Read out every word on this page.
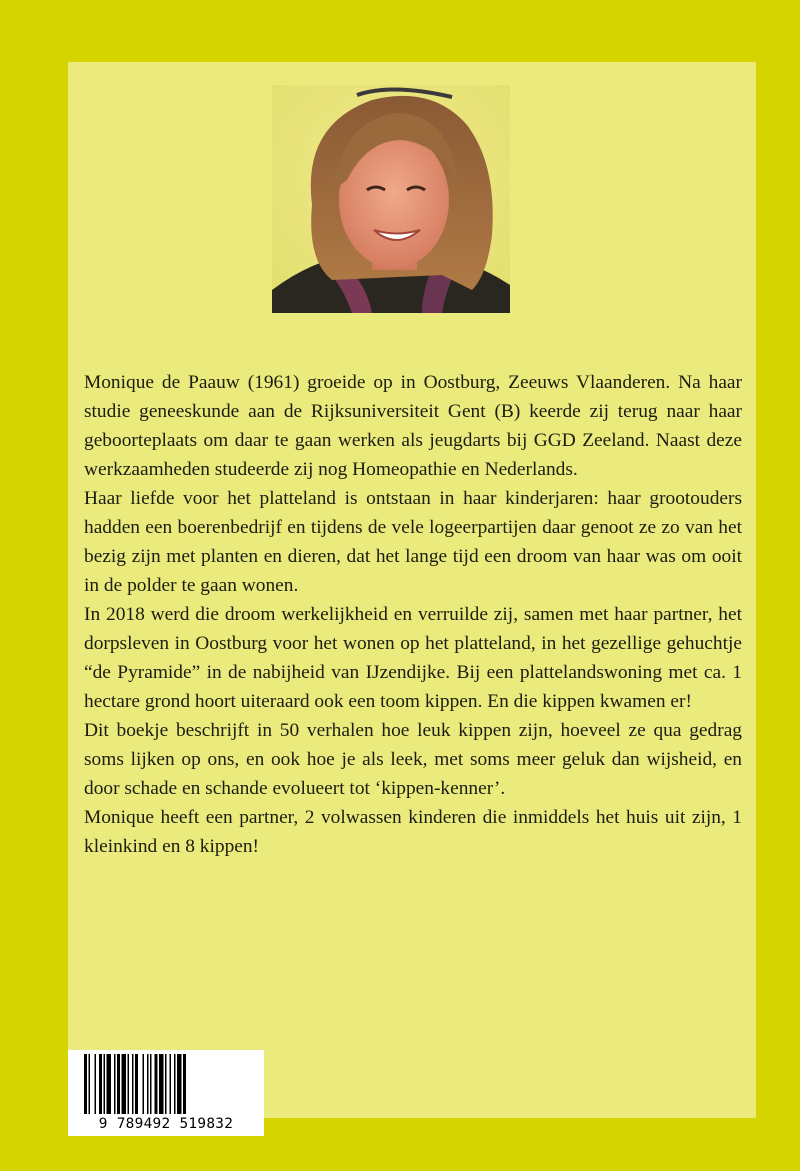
Monique de Paauw (1961) groeide op in Oostburg, Zeeuws Vlaanderen. Na haar studie geneeskunde aan de Rijksuniversiteit Gent (B) keerde zij terug naar haar geboorteplaats om daar te gaan werken als jeugdarts bij GGD Zeeland. Naast deze werkzaamheden studeerde zij nog Homeopathie en Nederlands.

Haar liefde voor het platteland is ontstaan in haar kinderjaren: haar grootouders hadden een boerenbedrijf en tijdens de vele logeerpartijen daar genoot ze zo van het bezig zijn met planten en dieren, dat het lange tijd een droom van haar was om ooit in de polder te gaan wonen.

In 2018 werd die droom werkelijkheid en verruilde zij, samen met haar partner, het dorpsleven in Oostburg voor het wonen op het platteland, in het gezellige gehuchtje “de Pyramide” in de nabijheid van IJzendijke. Bij een plattelandswoning met ca. 1 hectare grond hoort uiteraard ook een toom kippen. En die kippen kwamen er!

Dit boekje beschrijft in 50 verhalen hoe leuk kippen zijn, hoeveel ze qua gedrag soms lijken op ons, en ook hoe je als leek, met soms meer geluk dan wijsheid, en door schade en schande evolueert tot ‘kippen-kenner’.

Monique heeft een partner, 2 volwassen kinderen die inmiddels het huis uit zijn, 1 kleinkind en 8 kippen!

9 789492 519832
